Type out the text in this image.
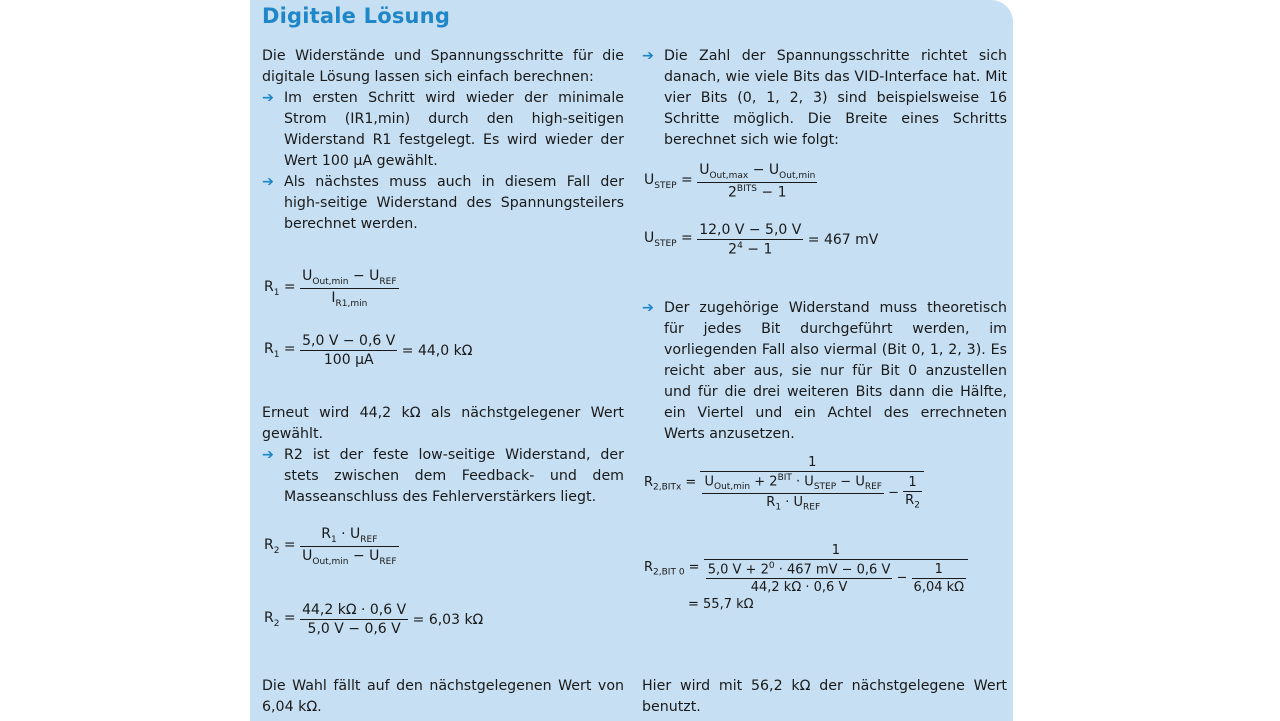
Digitale Lösung

Die Widerstände und Spannungsschritte für die digitale Lösung lassen sich einfach berechnen:

➔ Im ersten Schritt wird wieder der minimale Strom (IR1,min) durch den high-seitigen Widerstand R1 festgelegt. Es wird wieder der Wert 100 µA gewählt.
➔ Als nächstes muss auch in diesem Fall der high-seitige Widerstand des Spannungsteilers berechnet werden.
$R_1 = \frac{U_{Out,min} - U_{REF}}{I_{R1,min}}$
$R_1 = \frac{5,0 V - 0,6 V}{\text{100 µA}} = 44,0$ kΩ

Erneut wird 44,2 kΩ als nächstgelegener Wert gewählt.

➔ R2 ist der feste low-seitige Widerstand, der stets zwischen dem Feedback- und dem Masseanschluss des Fehlerverstärkers liegt.
$R_2 = \frac{R_1 \cdot U_{REF}}{U_{Out,min} - U_{REF}}$
$R_2 = \frac{44,2 k\Omega \cdot 0,6 V}{5,0 V - 0,6 V} = 6,03$ kΩ

Die Wahl fällt auf den nächstgelegenen Wert von 6,04 kΩ.

➔ Die Zahl der Spannungsschritte richtet sich danach, wie viele Bits das VID-Interface hat. Mit vier Bits (0, 1, 2, 3) sind beispielsweise 16 Schritte möglich. Die Breite eines Schritts berechnet sich wie folgt:
$U_{STEP} = \frac{U_{Out,max} - U_{Out,min}}{2^{BITS} - 1}$
$U_{STEP} = \frac{12,0 V - 5,0 V}{2^4 - 1} = 467$ mV
➔ Der zugehörige Widerstand muss theoretisch für jedes Bit durchgeführt werden, im vorliegenden Fall also viermal (Bit 0, 1, 2, 3). Es reicht aber aus, sie nur für Bit 0 anzustellen und für die drei weiteren Bits dann die Hälfte, ein Viertel und ein Achtel des errechneten Werts anzusetzen.
$R_{2,BITx}$ =
1
$\frac{U_{Out,min} + 2^{BIT} \cdot U_{STEP} - U_{REF}}{R_1 \cdot U_{REF}} - \frac{1}{R_2}$
$R_{2,BIT 0}$ =
1
$\frac{5,0 V + 2^0 \cdot 467 mV - 0,6 V}{44,2 k\Omega \cdot 0,6 V} - \frac{1}{6,04 k\Omega}$
= 55,7 kΩ

Hier wird mit 56,2 kΩ der nächstgelegene Wert benutzt.
